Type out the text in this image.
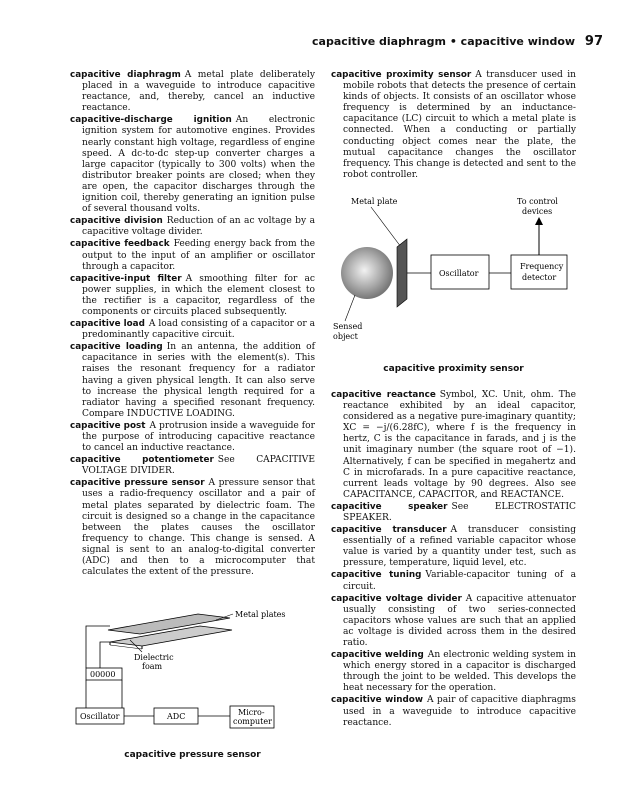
capacitive diaphragm • capacitive window 97

capacitive diaphragm A metal plate deliberately placed in a waveguide to introduce capacitive reactance, and, thereby, cancel an inductive reactance.

capacitive-discharge ignition An electronic ignition system for automotive engines. Provides nearly constant high voltage, regardless of engine speed. A dc-to-dc step-up converter charges a large capacitor (typically to 300 volts) when the distributor breaker points are closed; when they are open, the capacitor discharges through the ignition coil, thereby generating an ignition pulse of several thousand volts.

capacitive division Reduction of an ac voltage by a capacitive voltage divider.

capacitive feedback Feeding energy back from the output to the input of an amplifier or oscillator through a capacitor.

capacitive-input filter A smoothing filter for ac power supplies, in which the element closest to the rectifier is a capacitor, regardless of the components or circuits placed subsequently.

capacitive load A load consisting of a capacitor or a predominantly capacitive circuit.

capacitive loading In an antenna, the addition of capacitance in series with the element(s). This raises the resonant frequency for a radiator having a given physical length. It can also serve to increase the physical length required for a radiator having a specified resonant frequency. Compare INDUCTIVE LOADING.

capacitive post A protrusion inside a waveguide for the purpose of introducing capacitive reactance to cancel an inductive reactance.

capacitive potentiometer See CAPACITIVE VOLTAGE DIVIDER.

capacitive pressure sensor A pressure sensor that uses a radio-frequency oscillator and a pair of metal plates separated by dielectric foam. The circuit is designed so a change in the capacitance between the plates causes the oscillator frequency to change. This change is sensed. A signal is sent to an analog-to-digital converter (ADC) and then to a microcomputer that calculates the extent of the pressure.

Metal plates
Dielectric
foam
00000
Oscillator	ADC	Micro-
computer
capacitive pressure sensor

capacitive proximity sensor A transducer used in mobile robots that detects the presence of certain kinds of objects. It consists of an oscillator whose frequency is determined by an inductance-capacitance (LC) circuit to which a metal plate is connected. When a conducting or partially conducting object comes near the plate, the mutual capacitance changes the oscillator frequency. This change is detected and sent to the robot controller.

Metal plate	To control
devices
Oscillator
Frequency
detector
Sensed
object
capacitive proximity sensor

capacitive reactance Symbol, XC. Unit, ohm. The reactance exhibited by an ideal capacitor, considered as a negative pure-imaginary quantity; XC = −j/(6.28fC), where f is the frequency in hertz, C is the capacitance in farads, and j is the unit imaginary number (the square root of −1). Alternatively, f can be specified in megahertz and C in microfarads. In a pure capacitive reactance, current leads voltage by 90 degrees. Also see CAPACITANCE, CAPACITOR, and REACTANCE.

capacitive speaker See ELECTROSTATIC SPEAKER.

capacitive transducer A transducer consisting essentially of a refined variable capacitor whose value is varied by a quantity under test, such as pressure, temperature, liquid level, etc.

capacitive tuning Variable-capacitor tuning of a circuit.

capacitive voltage divider A capacitive attenuator usually consisting of two series-connected capacitors whose values are such that an applied ac voltage is divided across them in the desired ratio.

capacitive welding An electronic welding system in which energy stored in a capacitor is discharged through the joint to be welded. This develops the heat necessary for the operation.

capacitive window A pair of capacitive diaphragms used in a waveguide to introduce capacitive reactance.
